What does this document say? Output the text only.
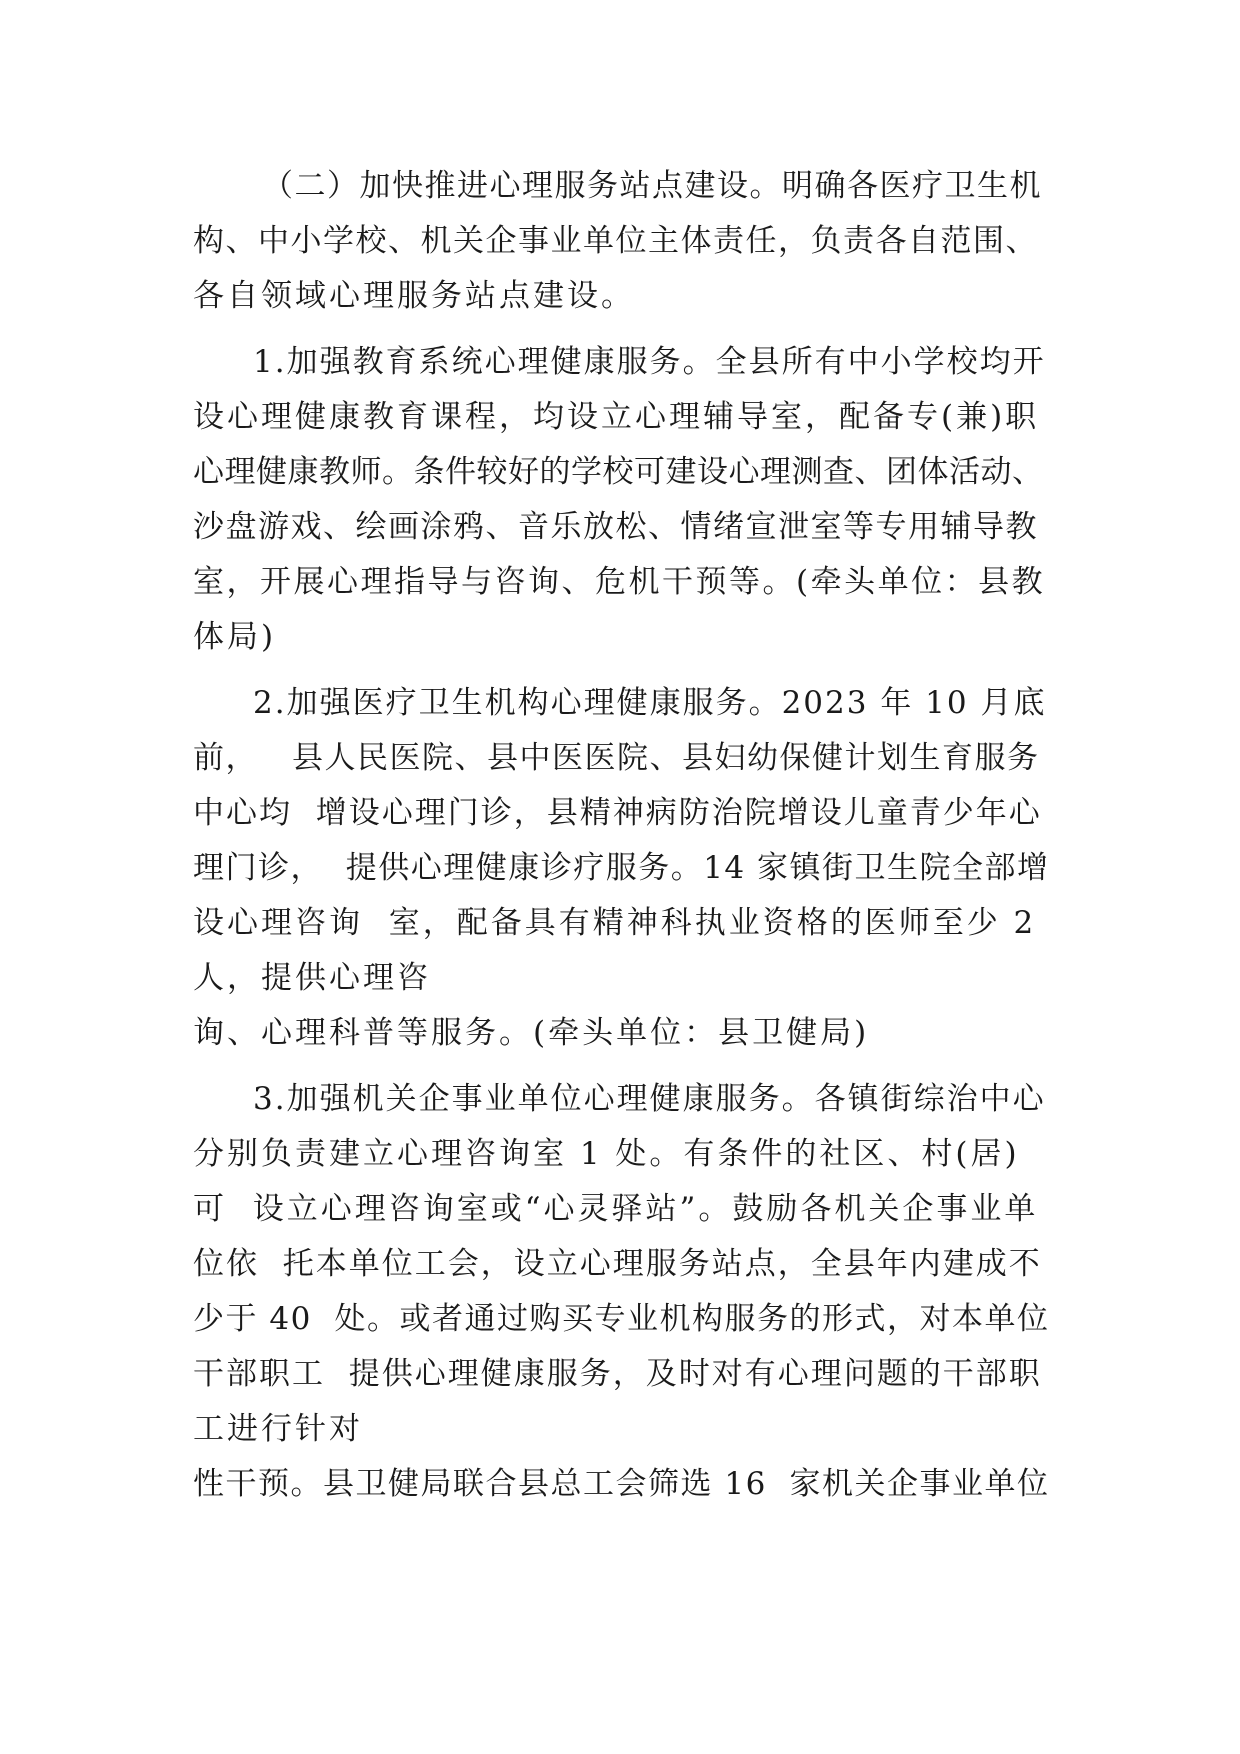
（二）加快推进心理服务站点建设。明确各医疗卫生机

构、中小学校、机关企事业单位主体责任，负责各自范围、

各自领域心理服务站点建设。

1.加强教育系统心理健康服务。全县所有中小学校均开

设心理健康教育课程，均设立心理辅导室，配备专(兼)职

心理健康教师。条件较好的学校可建设心理测查、团体活动、

沙盘游戏、绘画涂鸦、音乐放松、情绪宣泄室等专用辅导教

室，开展心理指导与咨询、危机干预等。(牵头单位：县教

体局)

2.加强医疗卫生机构心理健康服务。2023 年 10 月底

前，   县人民医院、县中医医院、县妇幼保健计划生育服务

中心均  增设心理门诊，县精神病防治院增设儿童青少年心

理门诊，  提供心理健康诊疗服务。14 家镇街卫生院全部增

设心理咨询  室，配备具有精神科执业资格的医师至少 2

人，提供心理咨

询、心理科普等服务。(牵头单位：县卫健局)

3.加强机关企事业单位心理健康服务。各镇街综治中心

分别负责建立心理咨询室 1 处。有条件的社区、村(居)

可  设立心理咨询室或“心灵驿站”。鼓励各机关企事业单

位依  托本单位工会，设立心理服务站点，全县年内建成不

少于 40  处。或者通过购买专业机构服务的形式，对本单位

干部职工  提供心理健康服务，及时对有心理问题的干部职

工进行针对

性干预。县卫健局联合县总工会筛选 16  家机关企事业单位
